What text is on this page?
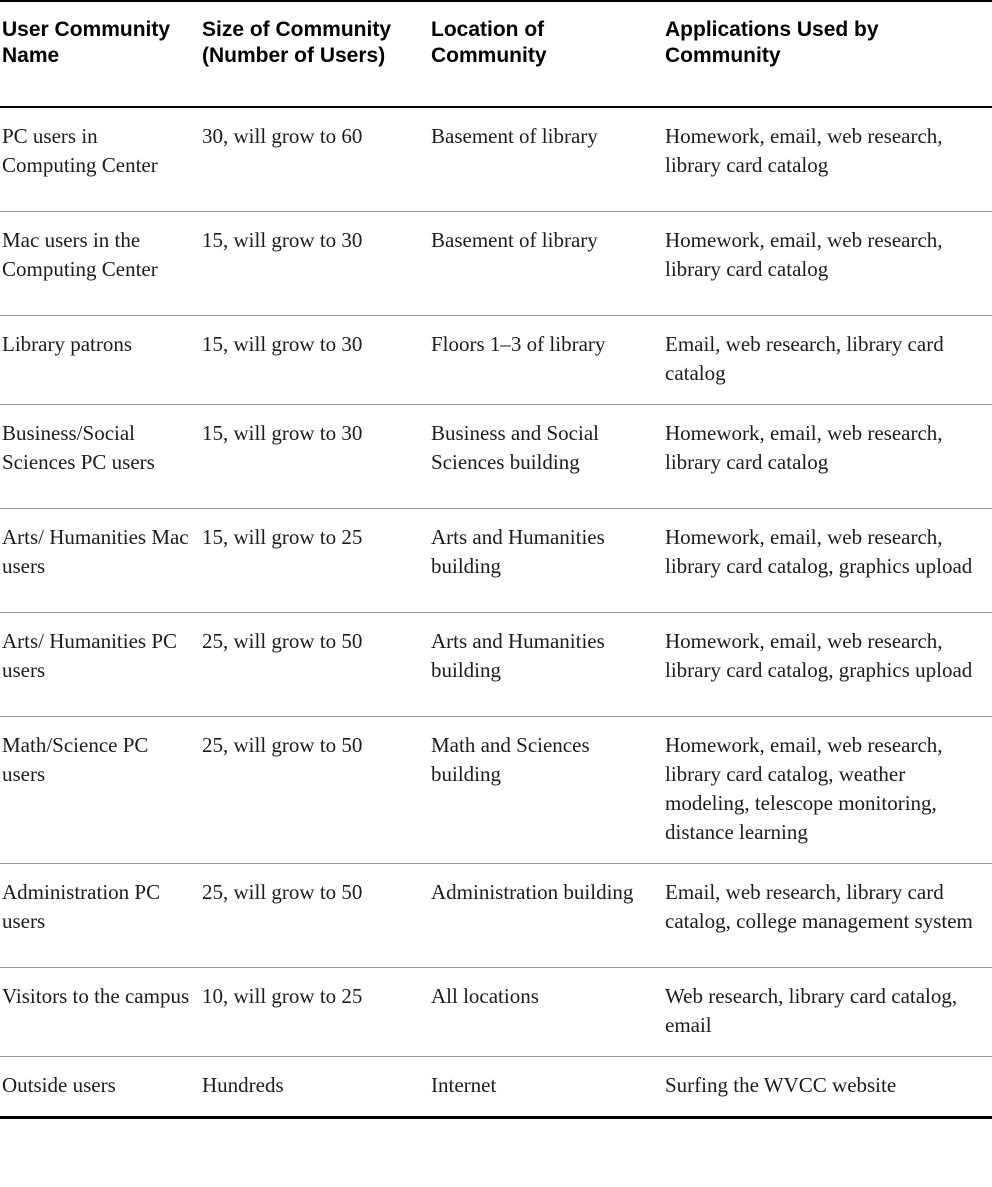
User Community Name	Size of Community (Number of Users)	Location of Community	Applications Used by Community
PC users in Computing Center	30, will grow to 60	Basement of library	Homework, email, web research, library card catalog
Mac users in the Computing Center	15, will grow to 30	Basement of library	Homework, email, web research, library card catalog
Library patrons	15, will grow to 30	Floors 1–3 of library	Email, web research, library card catalog
Business/Social Sciences PC users	15, will grow to 30	Business and Social Sciences building	Homework, email, web research, library card catalog
Arts/ Humanities Mac users	15, will grow to 25	Arts and Humanities building	Homework, email, web research, library card catalog, graphics upload
Arts/ Humanities PC users	25, will grow to 50	Arts and Humanities building	Homework, email, web research, library card catalog, graphics upload
Math/Science PC users	25, will grow to 50	Math and Sciences building	Homework, email, web research, library card catalog, weather modeling, telescope monitoring, distance learning
Administration PC users	25, will grow to 50	Administration building	Email, web research, library card catalog, college management system
Visitors to the campus	10, will grow to 25	All locations	Web research, library card catalog, email
Outside users	Hundreds	Internet	Surfing the WVCC website
